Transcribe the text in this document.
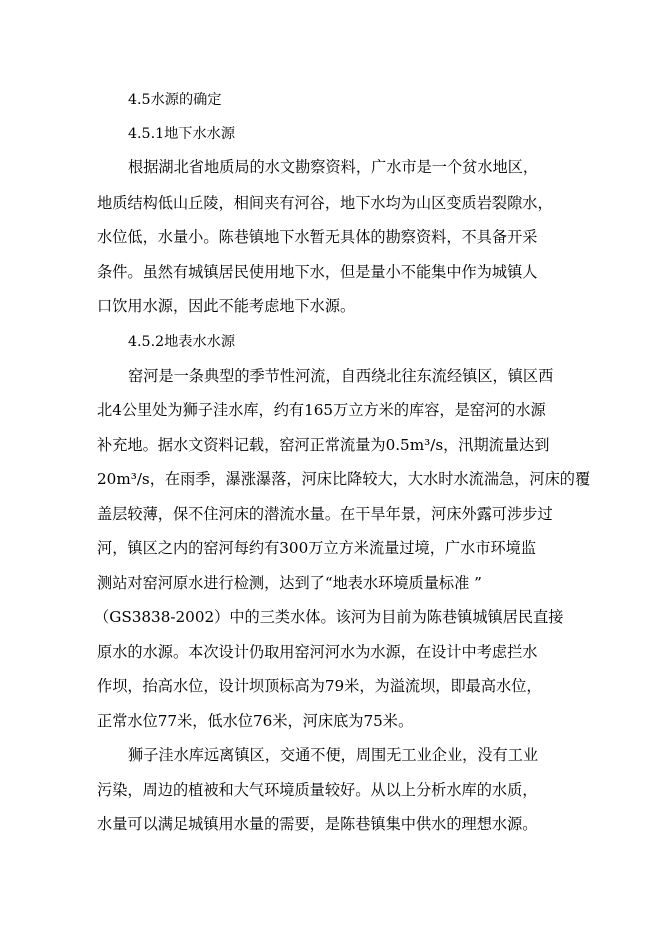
4.5水源的确定
4.5.1地下水水源
根据湖北省地质局的水文勘察资料，广水市是一个贫水地区，
地质结构低山丘陵，相间夹有河谷，地下水均为山区变质岩裂隙水，
水位低，水量小。陈巷镇地下水暂无具体的勘察资料，不具备开采
条件。虽然有城镇居民使用地下水，但是量小不能集中作为城镇人
口饮用水源，因此不能考虑地下水源。
4.5.2地表水水源
窑河是一条典型的季节性河流，自西绕北往东流经镇区，镇区西
北4公里处为狮子洼水库，约有165万立方米的库容，是窑河的水源
补充地。据水文资料记载，窑河正常流量为0.5m³/s，汛期流量达到
20m³/s，在雨季，瀑涨瀑落，河床比降较大，大水时水流湍急，河床的覆
盖层较薄，保不住河床的潜流水量。在干旱年景，河床外露可涉步过
河，镇区之内的窑河每约有300万立方米流量过境，广水市环境监
测站对窑河原水进行检测，达到了“地表水环境质量标准 ”
（GS3838-2002）中的三类水体。该河为目前为陈巷镇城镇居民直接
原水的水源。本次设计仍取用窑河河水为水源，在设计中考虑拦水
作坝，抬高水位，设计坝顶标高为79米，为溢流坝，即最高水位，
正常水位77米，低水位76米，河床底为75米。
狮子洼水库远离镇区，交通不便，周围无工业企业，没有工业
污染，周边的植被和大气环境质量较好。从以上分析水库的水质，
水量可以满足城镇用水量的需要，是陈巷镇集中供水的理想水源。
